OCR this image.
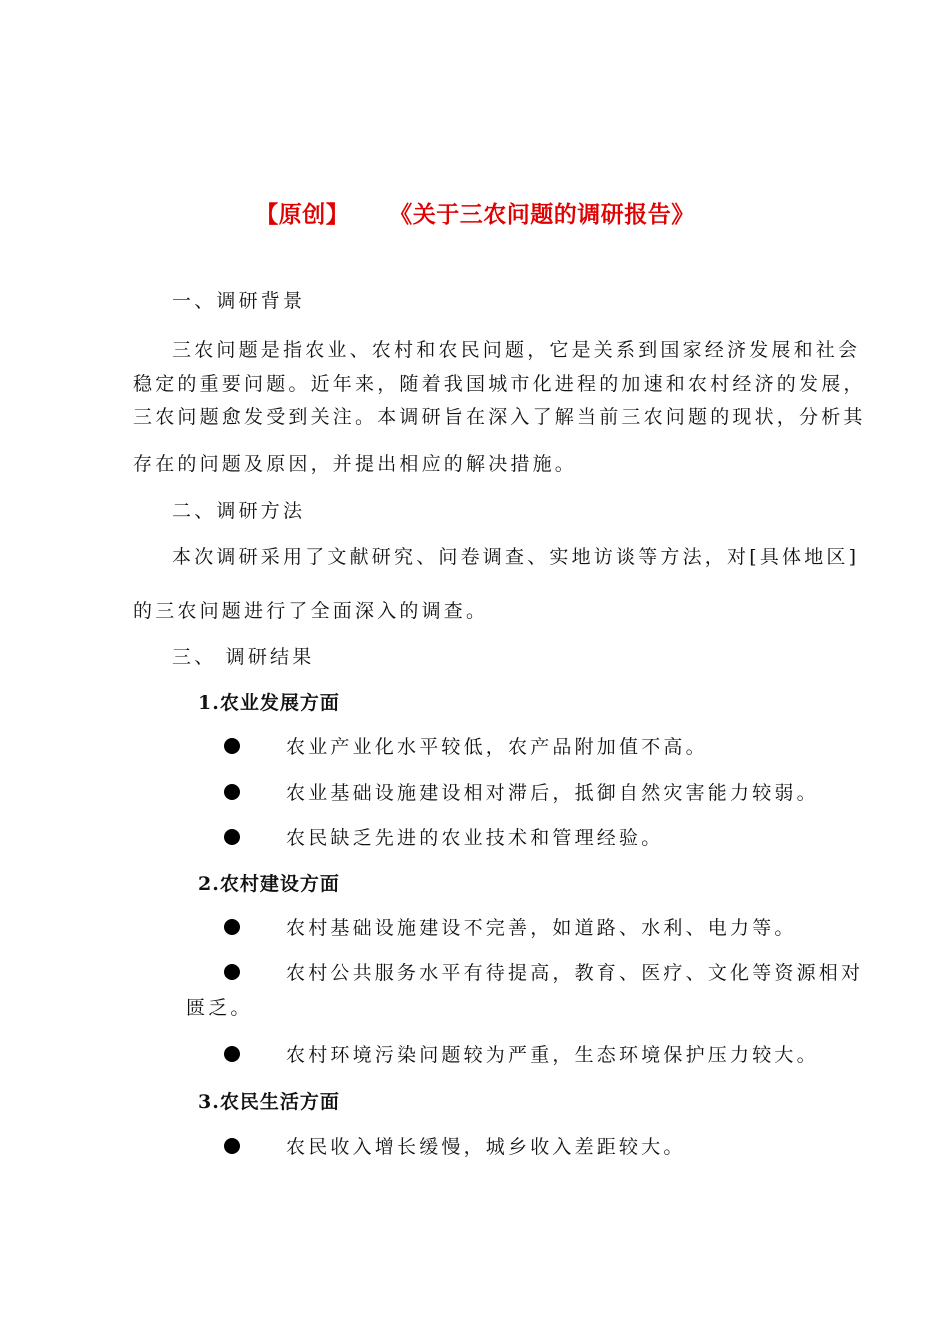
【原创】 《关于三农问题的调研报告》
一、调研背景
三农问题是指农业、农村和农民问题，它是关系到国家经济发展和社会
稳定的重要问题。近年来，随着我国城市化进程的加速和农村经济的发展，
三农问题愈发受到关注。本调研旨在深入了解当前三农问题的现状，分析其
存在的问题及原因，并提出相应的解决措施。
二、调研方法
本次调研采用了文献研究、问卷调查、实地访谈等方法，对[具体地区]
的三农问题进行了全面深入的调查。
三、 调研结果
1.农业发展方面
农业产业化水平较低，农产品附加值不高。
农业基础设施建设相对滞后，抵御自然灾害能力较弱。
农民缺乏先进的农业技术和管理经验。
2.农村建设方面
农村基础设施建设不完善，如道路、水利、电力等。
农村公共服务水平有待提高，教育、医疗、文化等资源相对
匮乏。
农村环境污染问题较为严重，生态环境保护压力较大。
3.农民生活方面
农民收入增长缓慢，城乡收入差距较大。
